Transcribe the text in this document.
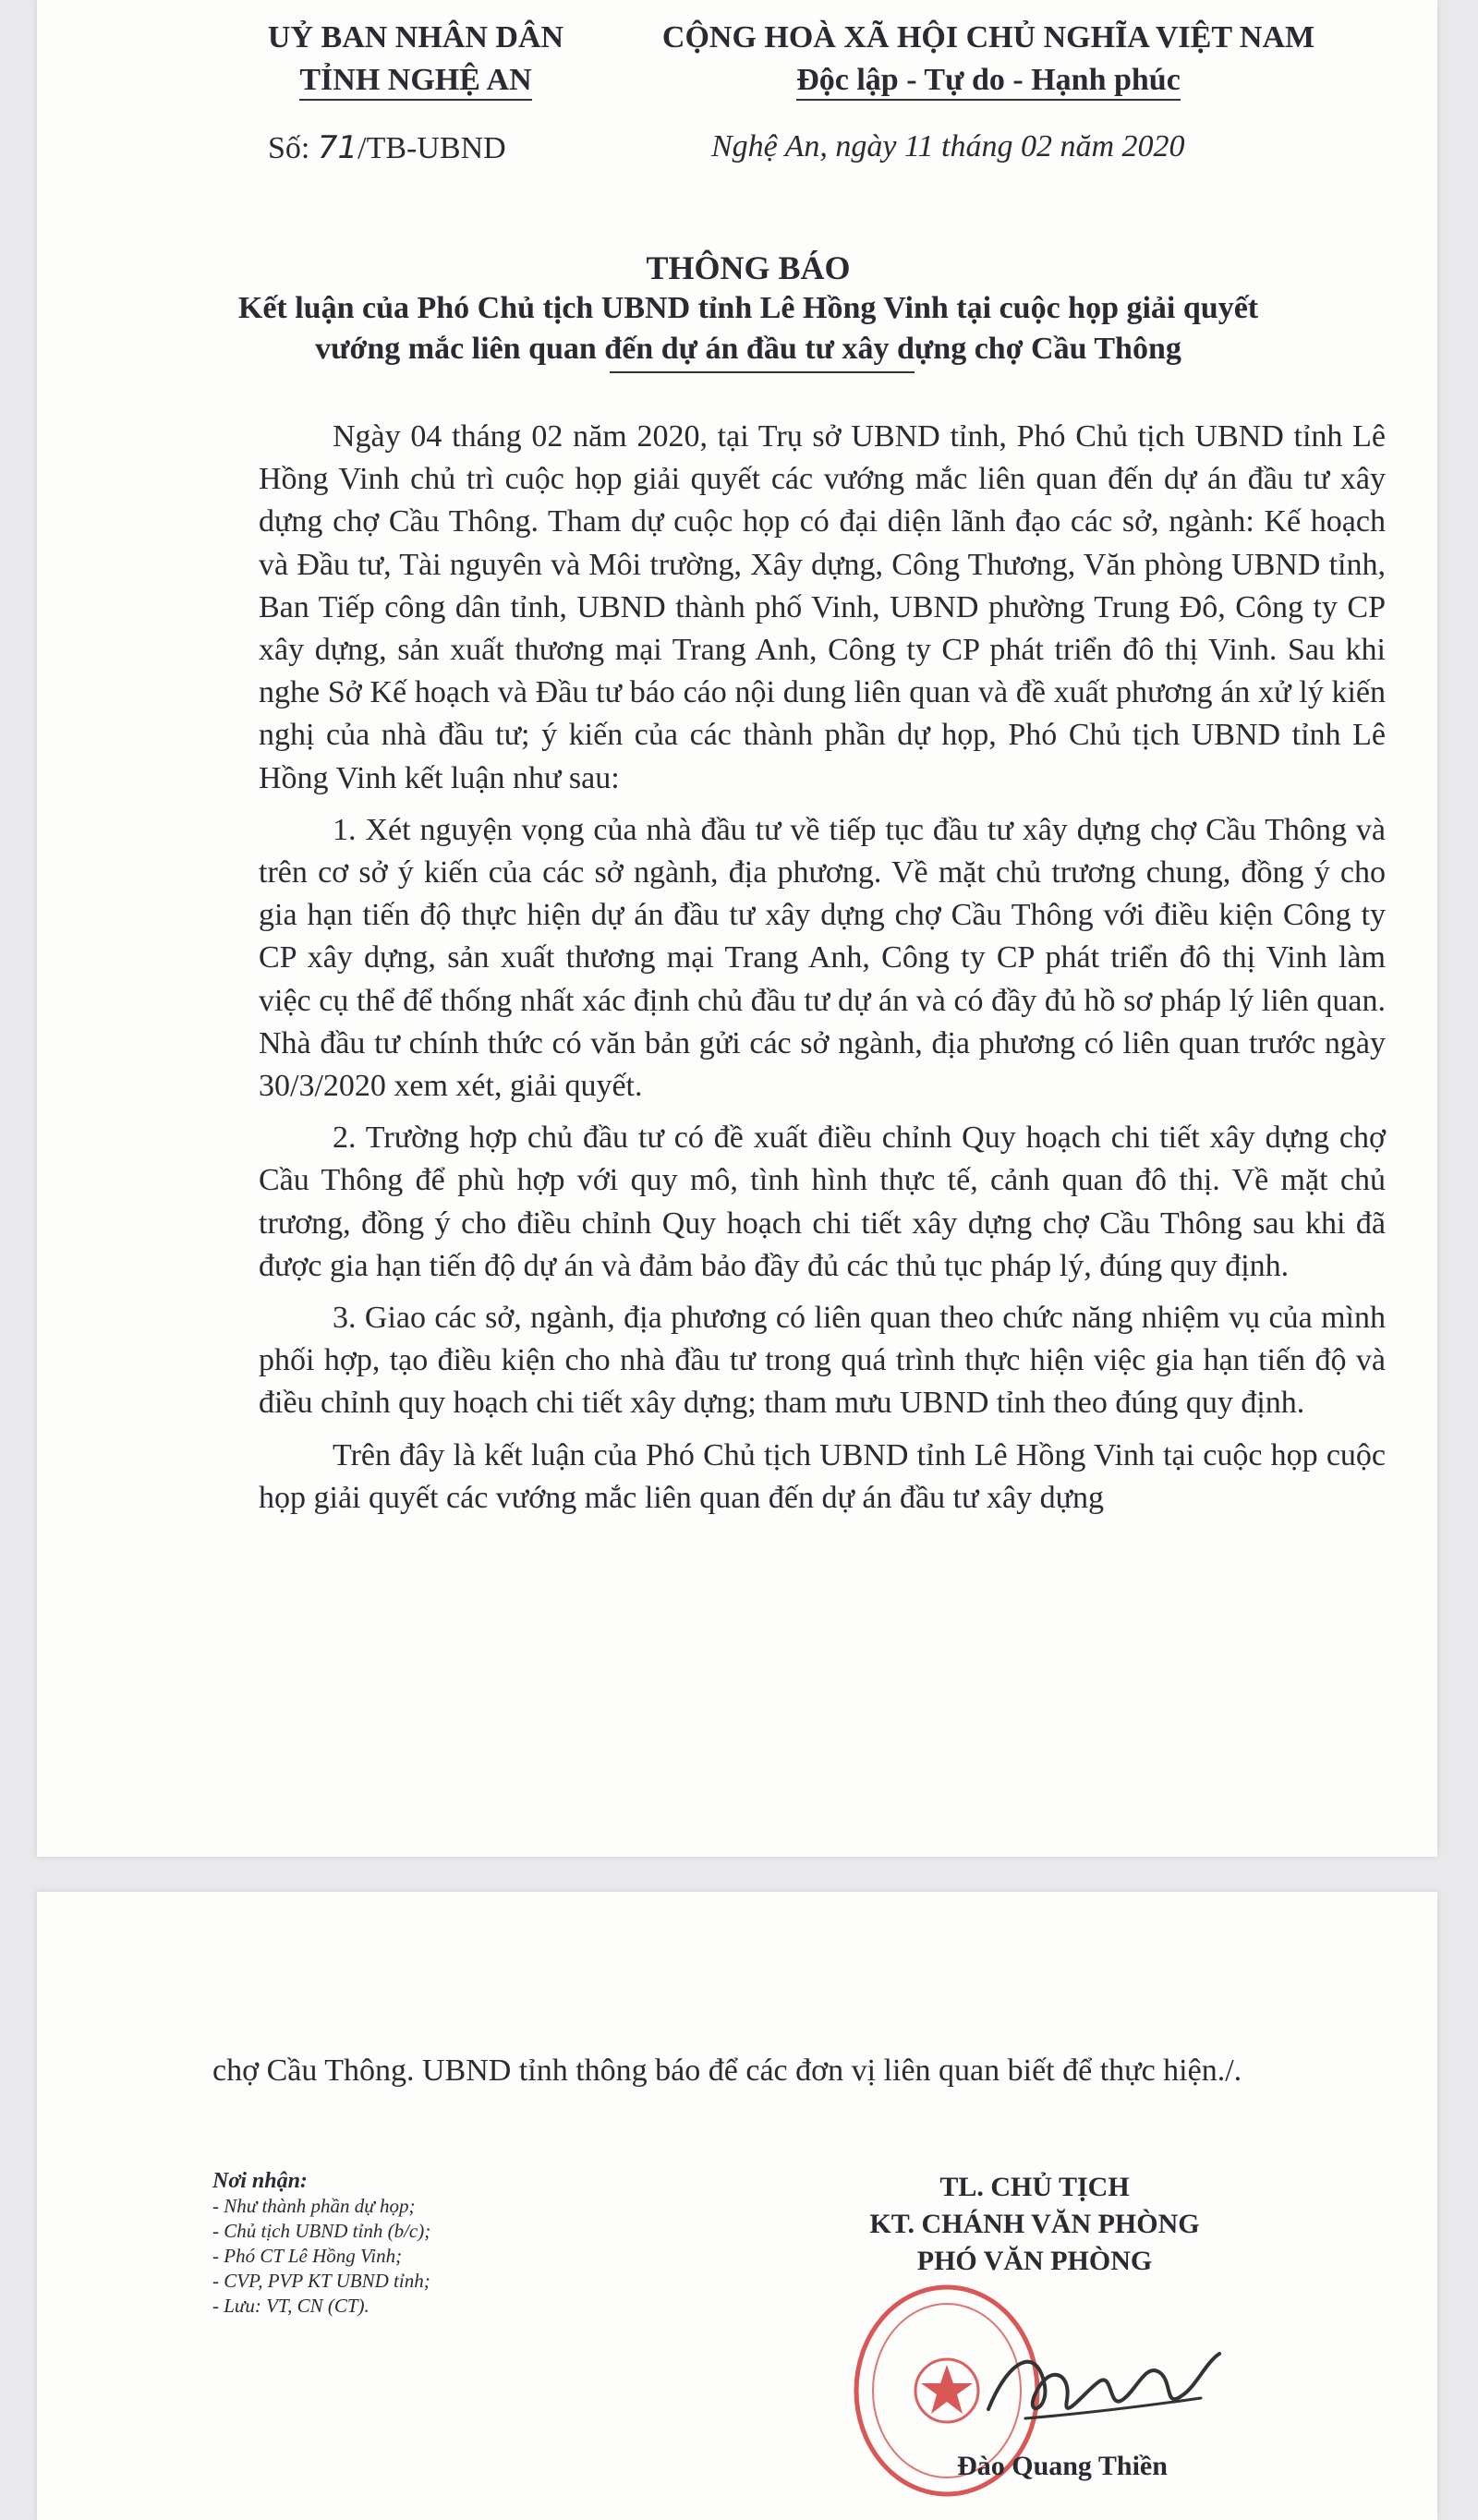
UỶ BAN NHÂN DÂN
TỈNH NGHỆ AN
CỘNG HOÀ XÃ HỘI CHỦ NGHĨA VIỆT NAM
Độc lập - Tự do - Hạnh phúc
Số: 71/TB-UBND	Nghệ An, ngày 11 tháng 02 năm 2020
THÔNG BÁO
Kết luận của Phó Chủ tịch UBND tỉnh Lê Hồng Vinh tại cuộc họp giải quyết vướng mắc liên quan đến dự án đầu tư xây dựng chợ Cầu Thông

Ngày 04 tháng 02 năm 2020, tại Trụ sở UBND tỉnh, Phó Chủ tịch UBND tỉnh Lê Hồng Vinh chủ trì cuộc họp giải quyết các vướng mắc liên quan đến dự án đầu tư xây dựng chợ Cầu Thông. Tham dự cuộc họp có đại diện lãnh đạo các sở, ngành: Kế hoạch và Đầu tư, Tài nguyên và Môi trường, Xây dựng, Công Thương, Văn phòng UBND tỉnh, Ban Tiếp công dân tỉnh, UBND thành phố Vinh, UBND phường Trung Đô, Công ty CP xây dựng, sản xuất thương mại Trang Anh, Công ty CP phát triển đô thị Vinh. Sau khi nghe Sở Kế hoạch và Đầu tư báo cáo nội dung liên quan và đề xuất phương án xử lý kiến nghị của nhà đầu tư; ý kiến của các thành phần dự họp, Phó Chủ tịch UBND tỉnh Lê Hồng Vinh kết luận như sau:

1. Xét nguyện vọng của nhà đầu tư về tiếp tục đầu tư xây dựng chợ Cầu Thông và trên cơ sở ý kiến của các sở ngành, địa phương. Về mặt chủ trương chung, đồng ý cho gia hạn tiến độ thực hiện dự án đầu tư xây dựng chợ Cầu Thông với điều kiện Công ty CP xây dựng, sản xuất thương mại Trang Anh, Công ty CP phát triển đô thị Vinh làm việc cụ thể để thống nhất xác định chủ đầu tư dự án và có đầy đủ hồ sơ pháp lý liên quan. Nhà đầu tư chính thức có văn bản gửi các sở ngành, địa phương có liên quan trước ngày 30/3/2020 xem xét, giải quyết.

2. Trường hợp chủ đầu tư có đề xuất điều chỉnh Quy hoạch chi tiết xây dựng chợ Cầu Thông để phù hợp với quy mô, tình hình thực tế, cảnh quan đô thị. Về mặt chủ trương, đồng ý cho điều chỉnh Quy hoạch chi tiết xây dựng chợ Cầu Thông sau khi đã được gia hạn tiến độ dự án và đảm bảo đầy đủ các thủ tục pháp lý, đúng quy định.

3. Giao các sở, ngành, địa phương có liên quan theo chức năng nhiệm vụ của mình phối hợp, tạo điều kiện cho nhà đầu tư trong quá trình thực hiện việc gia hạn tiến độ và điều chỉnh quy hoạch chi tiết xây dựng; tham mưu UBND tỉnh theo đúng quy định.

Trên đây là kết luận của Phó Chủ tịch UBND tỉnh Lê Hồng Vinh tại cuộc họp cuộc họp giải quyết các vướng mắc liên quan đến dự án đầu tư xây dựng

chợ Cầu Thông. UBND tỉnh thông báo để các đơn vị liên quan biết để thực hiện./.

Nơi nhận:
- Như thành phần dự họp;
- Chủ tịch UBND tỉnh (b/c);
- Phó CT Lê Hồng Vinh;
- CVP, PVP KT UBND tỉnh;
- Lưu: VT, CN (CT).
TL. CHỦ TỊCH
KT. CHÁNH VĂN PHÒNG
PHÓ VĂN PHÒNG
Đào Quang Thiền
